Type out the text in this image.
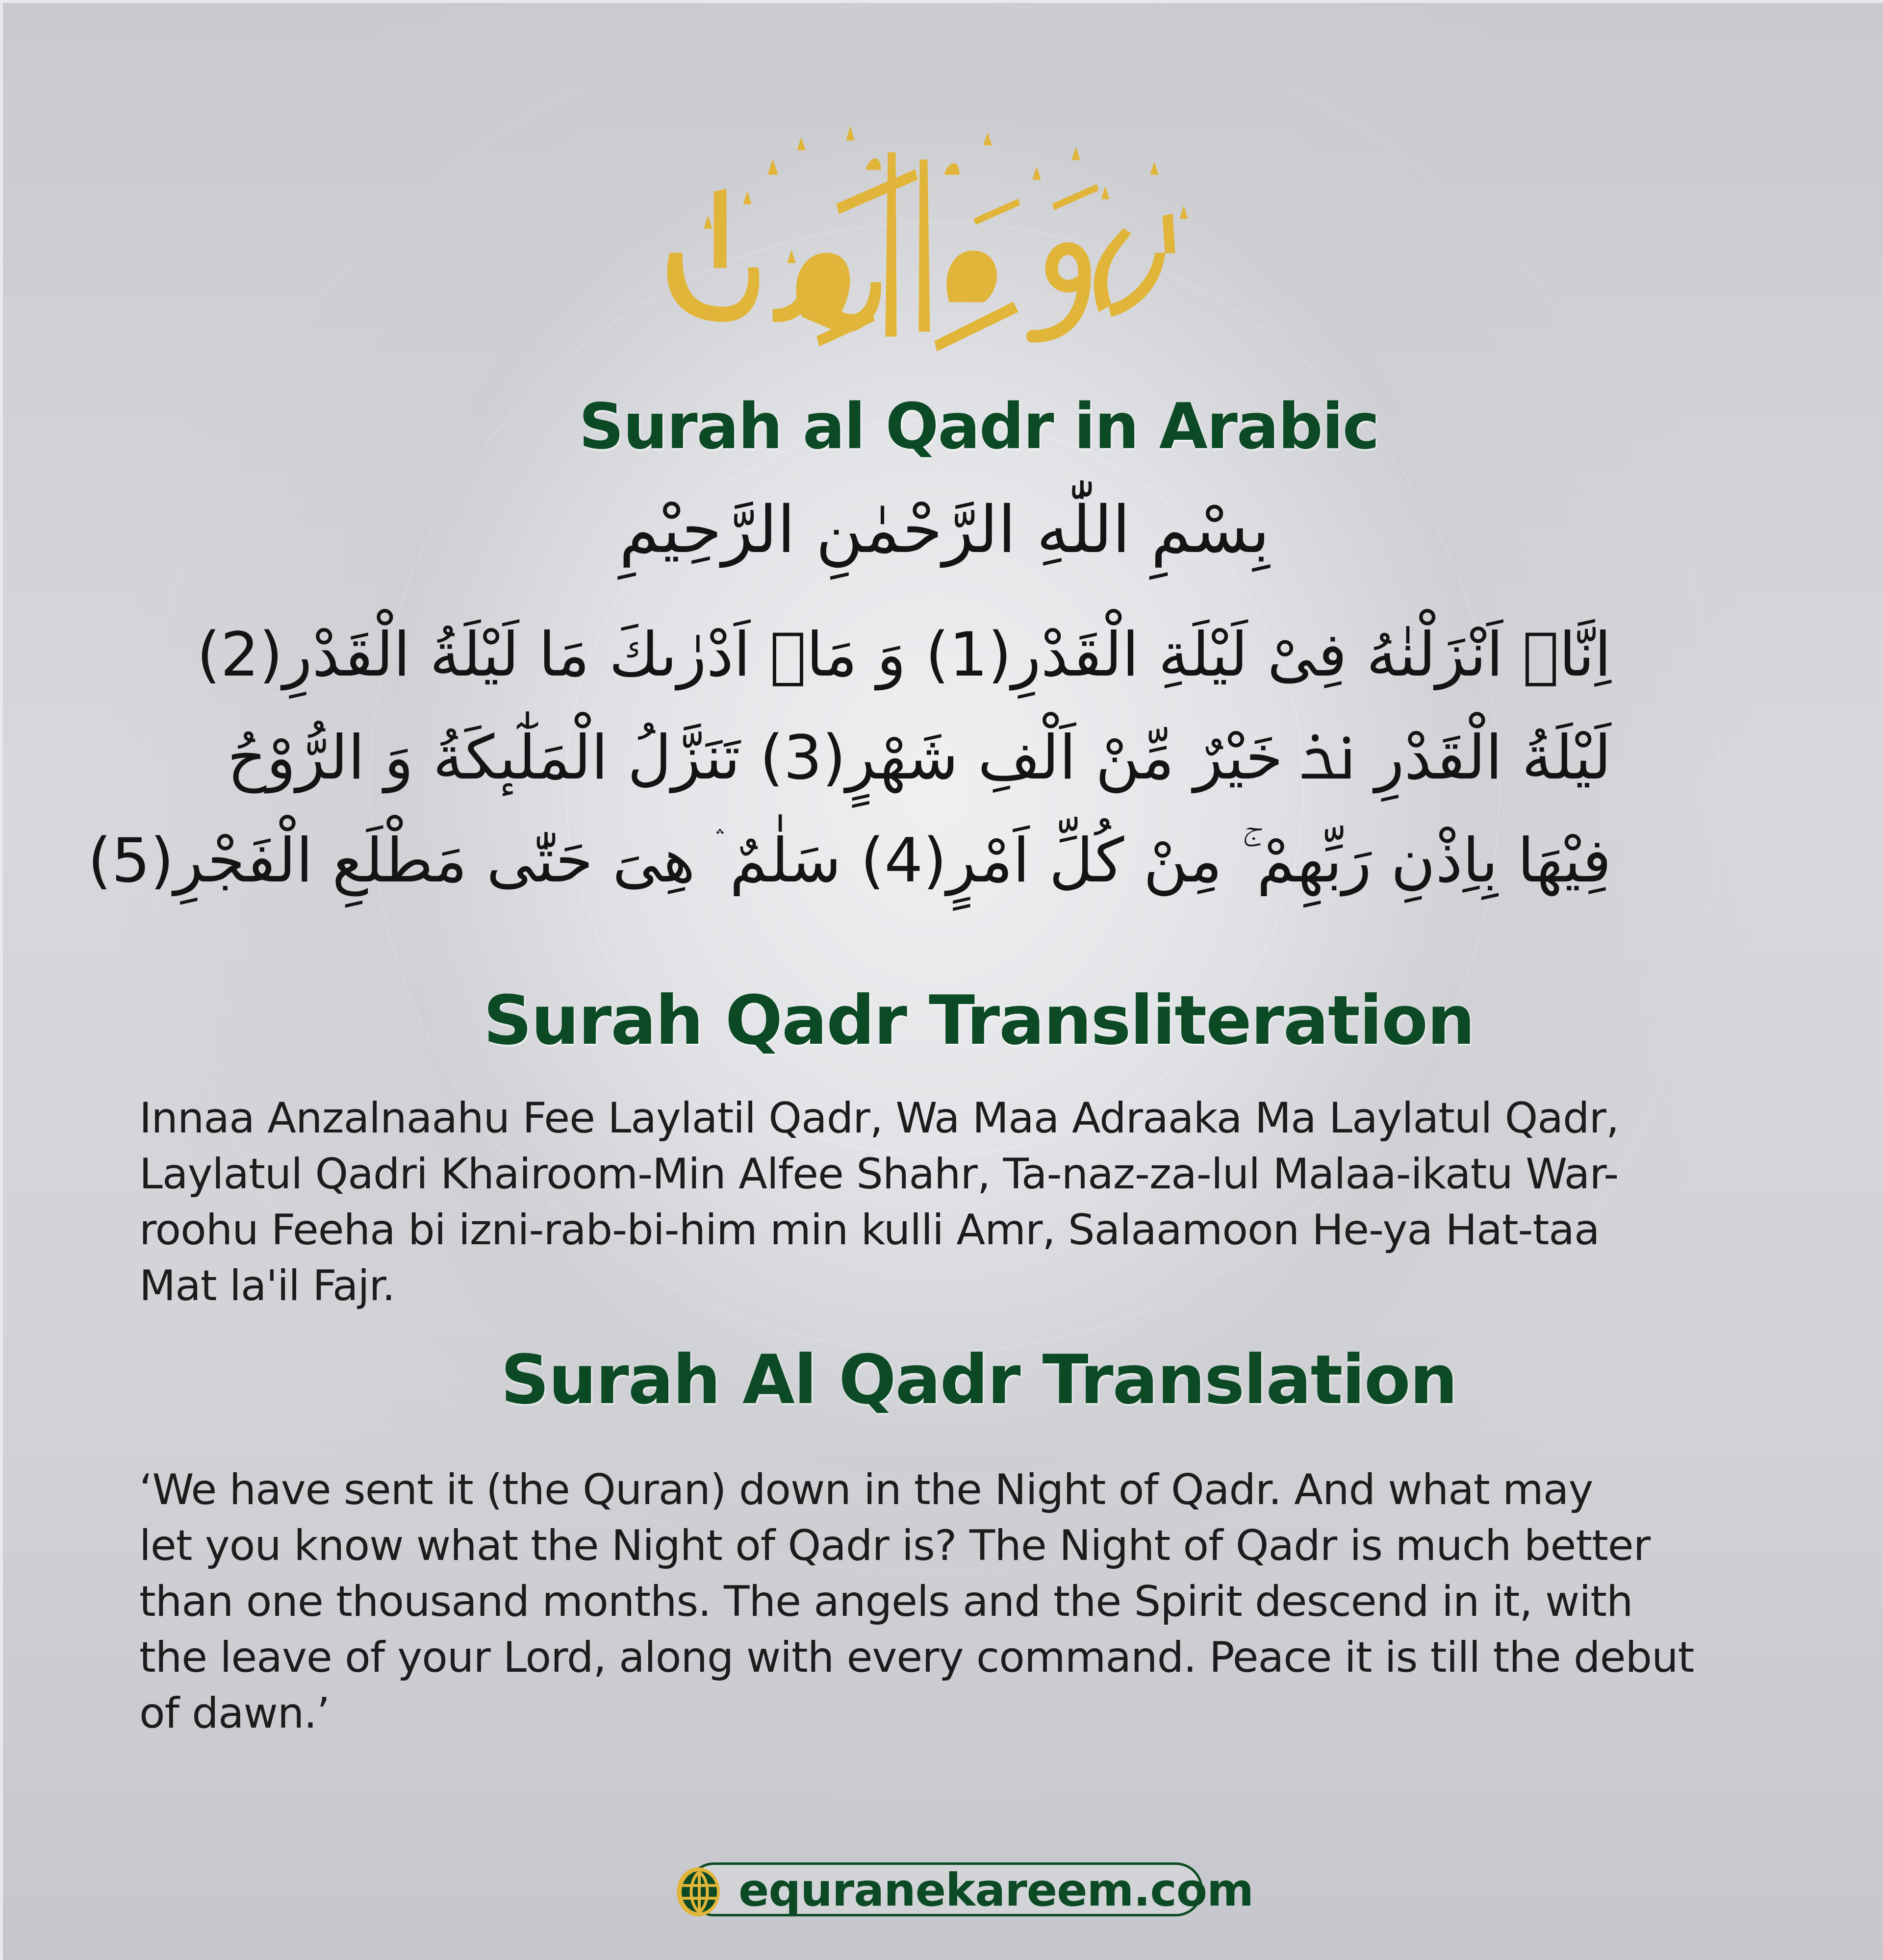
Surah al Qadr in Arabic
بِسْمِ اللّٰهِ الرَّحْمٰنِ الرَّحِيْمِ
اِنَّاۤ اَنْزَلْنٰهُ فِیْ لَیْلَةِ الْقَدْرِ(1) وَ مَاۤ اَدْرٰىكَ مَا لَیْلَةُ الْقَدْرِ(2)
لَیْلَةُ الْقَدْرِ ﳔ خَیْرٌ مِّنْ اَلْفِ شَهْرٍ(3) تَنَزَّلُ الْمَلٰٓىٕكَةُ وَ الرُّوْحُ
فِیْهَا بِاِذْنِ رَبِّهِمْ ۚ مِنْ كُلِّ اَمْرٍ(4) سَلٰمٌ ۛ هِیَ حَتّٰى مَطْلَعِ الْفَجْرِ(5)
Surah Qadr Transliteration
Innaa Anzalnaahu Fee Laylatil Qadr, Wa Maa Adraaka Ma Laylatul Qadr,
Laylatul Qadri Khairoom-Min Alfee Shahr, Ta-naz-za-lul Malaa-ikatu War-
roohu Feeha bi izni-rab-bi-him min kulli Amr, Salaamoon He-ya Hat-taa
Mat la'il Fajr.
Surah Al Qadr Translation
‘We have sent it (the Quran) down in the Night of Qadr. And what may
let you know what the Night of Qadr is? The Night of Qadr is much better
than one thousand months. The angels and the Spirit descend in it, with
the leave of your Lord, along with every command. Peace it is till the debut
of dawn.’
equranekareem.com
